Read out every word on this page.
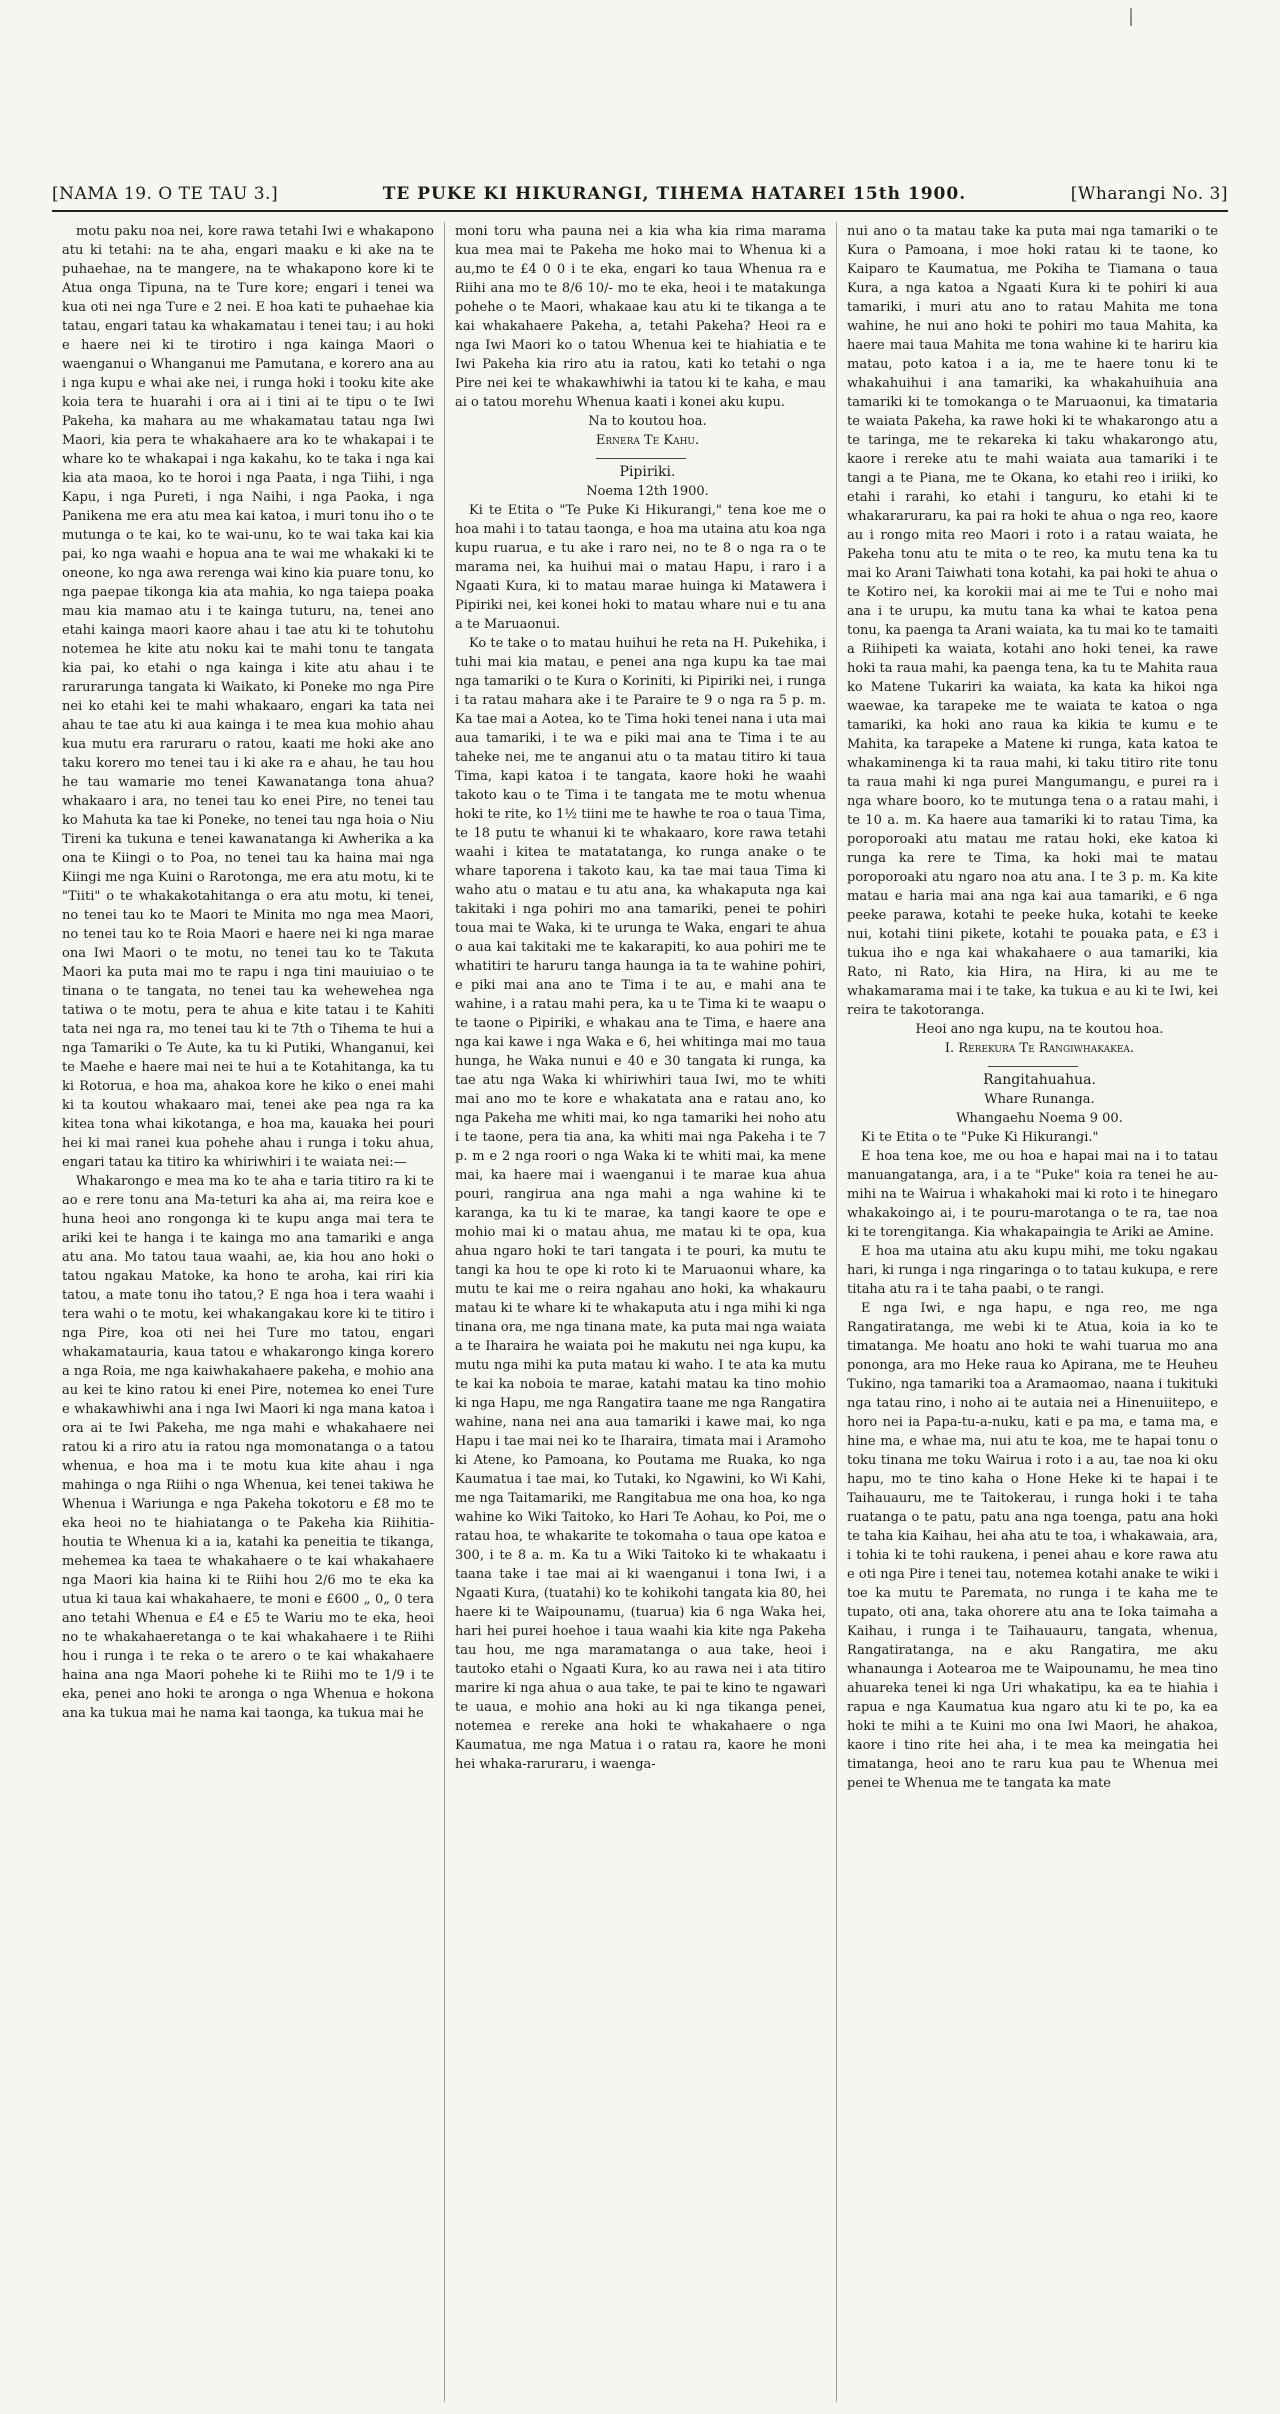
|
[NAMA 19. O TE TAU 3.]	TE PUKE KI HIKURANGI, TIHEMA HATAREI 15th 1900.	[Wharangi No. 3]

motu paku noa nei, kore rawa tetahi Iwi e whakapono atu ki tetahi: na te aha, engari maaku e ki ake na te puhaehae, na te mangere, na te whakapono kore ki te Atua onga Tipuna, na te Ture kore; engari i tenei wa kua oti nei nga Ture e 2 nei. E hoa kati te puhaehae kia tatau, engari tatau ka whakamatau i tenei tau; i au hoki e haere nei ki te tirotiro i nga kainga Maori o waenganui o Whanganui me Pamutana, e korero ana au i nga kupu e whai ake nei, i runga hoki i tooku kite ake koia tera te huarahi i ora ai i tini ai te tipu o te Iwi Pakeha, ka mahara au me whakamatau tatau nga Iwi Maori, kia pera te whakahaere ara ko te whakapai i te whare ko te whakapai i nga kakahu, ko te taka i nga kai kia ata maoa, ko te horoi i nga Paata, i nga Tiihi, i nga Kapu, i nga Pureti, i nga Naihi, i nga Paoka, i nga Panikena me era atu mea kai katoa, i muri tonu iho o te mutunga o te kai, ko te wai-unu, ko te wai taka kai kia pai, ko nga waahi e hopua ana te wai me whakaki ki te oneone, ko nga awa rerenga wai kino kia puare tonu, ko nga paepae tikonga kia ata mahia, ko nga taiepa poaka mau kia mamao atu i te kainga tuturu, na, tenei ano etahi kainga maori kaore ahau i tae atu ki te tohutohu notemea he kite atu noku kai te mahi tonu te tangata kia pai, ko etahi o nga kainga i kite atu ahau i te rarurarunga tangata ki Waikato, ki Poneke mo nga Pire nei ko etahi kei te mahi whakaaro, engari ka tata nei ahau te tae atu ki aua kainga i te mea kua mohio ahau kua mutu era raruraru o ratou, kaati me hoki ake ano taku korero mo tenei tau i ki ake ra e ahau, he tau hou he tau wamarie mo tenei Kawanatanga tona ahua? whakaaro i ara, no tenei tau ko enei Pire, no tenei tau ko Mahuta ka tae ki Poneke, no tenei tau nga hoia o Niu Tireni ka tukuna e tenei kawanatanga ki Awherika a ka ona te Kiingi o to Poa, no tenei tau ka haina mai nga Kiingi me nga Kuini o Rarotonga, me era atu motu, ki te "Tiiti" o te whakakotahitanga o era atu motu, ki tenei, no tenei tau ko te Maori te Minita mo nga mea Maori, no tenei tau ko te Roia Maori e haere nei ki nga marae ona Iwi Maori o te motu, no tenei tau ko te Takuta Maori ka puta mai mo te rapu i nga tini mauiuiao o te tinana o te tangata, no tenei tau ka wehewehea nga tatiwa o te motu, pera te ahua e kite tatau i te Kahiti tata nei nga ra, mo tenei tau ki te 7th o Tihema te hui a nga Tamariki o Te Aute, ka tu ki Putiki, Whanganui, kei te Maehe e haere mai nei te hui a te Kotahitanga, ka tu ki Rotorua, e hoa ma, ahakoa kore he kiko o enei mahi ki ta koutou whakaaro mai, tenei ake pea nga ra ka kitea tona whai kikotanga, e hoa ma, kauaka hei pouri hei ki mai ranei kua pohehe ahau i runga i toku ahua, engari tatau ka titiro ka whiriwhiri i te waiata nei:—

Whakarongo e mea ma ko te aha e taria titiro ra ki te ao e rere tonu ana Ma-teturi ka aha ai, ma reira koe e huna heoi ano rongonga ki te kupu anga mai tera te ariki kei te hanga i te kainga mo ana tamariki e anga atu ana. Mo tatou taua waahi, ae, kia hou ano hoki o tatou ngakau Matoke, ka hono te aroha, kai riri kia tatou, a mate tonu iho tatou,? E nga hoa i tera waahi i tera wahi o te motu, kei whakangakau kore ki te titiro i nga Pire, koa oti nei hei Ture mo tatou, engari whakamatauria, kaua tatou e whakarongo kinga korero a nga Roia, me nga kaiwhakahaere pakeha, e mohio ana au kei te kino ratou ki enei Pire, notemea ko enei Ture e whakawhiwhi ana i nga Iwi Maori ki nga mana katoa i ora ai te Iwi Pakeha, me nga mahi e whakahaere nei ratou ki a riro atu ia ratou nga momonatanga o a tatou whenua, e hoa ma i te motu kua kite ahau i nga mahinga o nga Riihi o nga Whenua, kei tenei takiwa he Whenua i Wariunga e nga Pakeha tokotoru e £8 mo te eka heoi no te hiahiatanga o te Pakeha kia Riihitia-houtia te Whenua ki a ia, katahi ka peneitia te tikanga, mehemea ka taea te whakahaere o te kai whakahaere nga Maori kia haina ki te Riihi hou 2/6 mo te eka ka utua ki taua kai whakahaere, te moni e £600 „ 0„ 0 tera ano tetahi Whenua e £4 e £5 te Wariu mo te eka, heoi no te whakahaeretanga o te kai whakahaere i te Riihi hou i runga i te reka o te arero o te kai whakahaere haina ana nga Maori pohehe ki te Riihi mo te 1/9 i te eka, penei ano hoki te aronga o nga Whenua e hokona ana ka tukua mai he nama kai taonga, ka tukua mai he

moni toru wha pauna nei a kia wha kia rima marama kua mea mai te Pakeha me hoko mai to Whenua ki a au,mo te £4 0 0 i te eka, engari ko taua Whenua ra e Riihi ana mo te 8/6 10/- mo te eka, heoi i te matakunga pohehe o te Maori, whakaae kau atu ki te tikanga a te kai whakahaere Pakeha, a, tetahi Pakeha? Heoi ra e nga Iwi Maori ko o tatou Whenua kei te hiahiatia e te Iwi Pakeha kia riro atu ia ratou, kati ko tetahi o nga Pire nei kei te whakawhiwhi ia tatou ki te kaha, e mau ai o tatou morehu Whenua kaati i konei aku kupu.

Na to koutou hoa.

Ernera Te Kahu.

Pipiriki.

Noema 12th 1900.

Ki te Etita o "Te Puke Ki Hikurangi," tena koe me o hoa mahi i to tatau taonga, e hoa ma utaina atu koa nga kupu ruarua, e tu ake i raro nei, no te 8 o nga ra o te marama nei, ka huihui mai o matau Hapu, i raro i a Ngaati Kura, ki to matau marae huinga ki Matawera i Pipiriki nei, kei konei hoki to matau whare nui e tu ana a te Maruaonui.

Ko te take o to matau huihui he reta na H. Pukehika, i tuhi mai kia matau, e penei ana nga kupu ka tae mai nga tamariki o te Kura o Koriniti, ki Pipiriki nei, i runga i ta ratau mahara ake i te Paraire te 9 o nga ra 5 p. m. Ka tae mai a Aotea, ko te Tima hoki tenei nana i uta mai aua tamariki, i te wa e piki mai ana te Tima i te au taheke nei, me te anganui atu o ta matau titiro ki taua Tima, kapi katoa i te tangata, kaore hoki he waahi takoto kau o te Tima i te tangata me te motu whenua hoki te rite, ko 1½ tiini me te hawhe te roa o taua Tima, te 18 putu te whanui ki te whakaaro, kore rawa tetahi waahi i kitea te matatatanga, ko runga anake o te whare taporena i takoto kau, ka tae mai taua Tima ki waho atu o matau e tu atu ana, ka whakaputa nga kai takitaki i nga pohiri mo ana tamariki, penei te pohiri toua mai te Waka, ki te urunga te Waka, engari te ahua o aua kai takitaki me te kakarapiti, ko aua pohiri me te whatitiri te haruru tanga haunga ia ta te wahine pohiri, e piki mai ana ano te Tima i te au, e mahi ana te wahine, i a ratau mahi pera, ka u te Tima ki te waapu o te taone o Pipiriki, e whakau ana te Tima, e haere ana nga kai kawe i nga Waka e 6, hei whitinga mai mo taua hunga, he Waka nunui e 40 e 30 tangata ki runga, ka tae atu nga Waka ki whiriwhiri taua Iwi, mo te whiti mai ano mo te kore e whakatata ana e ratau ano, ko nga Pakeha me whiti mai, ko nga tamariki hei noho atu i te taone, pera tia ana, ka whiti mai nga Pakeha i te 7 p. m e 2 nga roori o nga Waka ki te whiti mai, ka mene mai, ka haere mai i waenganui i te marae kua ahua pouri, rangirua ana nga mahi a nga wahine ki te karanga, ka tu ki te marae, ka tangi kaore te ope e mohio mai ki o matau ahua, me matau ki te opa, kua ahua ngaro hoki te tari tangata i te pouri, ka mutu te tangi ka hou te ope ki roto ki te Maruaonui whare, ka mutu te kai me o reira ngahau ano hoki, ka whakauru matau ki te whare ki te whakaputa atu i nga mihi ki nga tinana ora, me nga tinana mate, ka puta mai nga waiata a te Iharaira he waiata poi he makutu nei nga kupu, ka mutu nga mihi ka puta matau ki waho. I te ata ka mutu te kai ka noboia te marae, katahi matau ka tino mohio ki nga Hapu, me nga Rangatira taane me nga Rangatira wahine, nana nei ana aua tamariki i kawe mai, ko nga Hapu i tae mai nei ko te Iharaira, timata mai i Aramoho ki Atene, ko Pamoana, ko Poutama me Ruaka, ko nga Kaumatua i tae mai, ko Tutaki, ko Ngawini, ko Wi Kahi, me nga Taitamariki, me Rangitabua me ona hoa, ko nga wahine ko Wiki Taitoko, ko Hari Te Aohau, ko Poi, me o ratau hoa, te whakarite te tokomaha o taua ope katoa e 300, i te 8 a. m. Ka tu a Wiki Taitoko ki te whakaatu i taana take i tae mai ai ki waenganui i tona Iwi, i a Ngaati Kura, (tuatahi) ko te kohikohi tangata kia 80, hei haere ki te Waipounamu, (tuarua) kia 6 nga Waka hei, hari hei purei hoehoe i taua waahi kia kite nga Pakeha tau hou, me nga maramatanga o aua take, heoi i tautoko etahi o Ngaati Kura, ko au rawa nei i ata titiro marire ki nga ahua o aua take, te pai te kino te ngawari te uaua, e mohio ana hoki au ki nga tikanga penei, notemea e rereke ana hoki te whakahaere o nga Kaumatua, me nga Matua i o ratau ra, kaore he moni hei whaka-raruraru, i waenga-

nui ano o ta matau take ka puta mai nga tamariki o te Kura o Pamoana, i moe hoki ratau ki te taone, ko Kaiparo te Kaumatua, me Pokiha te Tiamana o taua Kura, a nga katoa a Ngaati Kura ki te pohiri ki aua tamariki, i muri atu ano to ratau Mahita me tona wahine, he nui ano hoki te pohiri mo taua Mahita, ka haere mai taua Mahita me tona wahine ki te hariru kia matau, poto katoa i a ia, me te haere tonu ki te whakahuihui i ana tamariki, ka whakahuihuia ana tamariki ki te tomokanga o te Maruaonui, ka timataria te waiata Pakeha, ka rawe hoki ki te whakarongo atu a te taringa, me te rekareka ki taku whakarongo atu, kaore i rereke atu te mahi waiata aua tamariki i te tangi a te Piana, me te Okana, ko etahi reo i iriiki, ko etahi i rarahi, ko etahi i tanguru, ko etahi ki te whakararuraru, ka pai ra hoki te ahua o nga reo, kaore au i rongo mita reo Maori i roto i a ratau waiata, he Pakeha tonu atu te mita o te reo, ka mutu tena ka tu mai ko Arani Taiwhati tona kotahi, ka pai hoki te ahua o te Kotiro nei, ka korokii mai ai me te Tui e noho mai ana i te urupu, ka mutu tana ka whai te katoa pena tonu, ka paenga ta Arani waiata, ka tu mai ko te tamaiti a Riihipeti ka waiata, kotahi ano hoki tenei, ka rawe hoki ta raua mahi, ka paenga tena, ka tu te Mahita raua ko Matene Tukariri ka waiata, ka kata ka hikoi nga waewae, ka tarapeke me te waiata te katoa o nga tamariki, ka hoki ano raua ka kikia te kumu e te Mahita, ka tarapeke a Matene ki runga, kata katoa te whakaminenga ki ta raua mahi, ki taku titiro rite tonu ta raua mahi ki nga purei Mangumangu, e purei ra i nga whare booro, ko te mutunga tena o a ratau mahi, i te 10 a. m. Ka haere aua tamariki ki to ratau Tima, ka poroporoaki atu matau me ratau hoki, eke katoa ki runga ka rere te Tima, ka hoki mai te matau poroporoaki atu ngaro noa atu ana. I te 3 p. m. Ka kite matau e haria mai ana nga kai aua tamariki, e 6 nga peeke parawa, kotahi te peeke huka, kotahi te keeke nui, kotahi tiini pikete, kotahi te pouaka pata, e £3 i tukua iho e nga kai whakahaere o aua tamariki, kia Rato, ni Rato, kia Hira, na Hira, ki au me te whakamarama mai i te take, ka tukua e au ki te Iwi, kei reira te takotoranga.

Heoi ano nga kupu, na te koutou hoa.

I. Rerekura Te Rangiwhakakea.

Rangitahuahua.

Whare Runanga.

Whangaehu Noema 9 00.

Ki te Etita o te "Puke Ki Hikurangi."

E hoa tena koe, me ou hoa e hapai mai na i to tatau manuangatanga, ara, i a te "Puke" koia ra tenei he au-mihi na te Wairua i whakahoki mai ki roto i te hinegaro whakakoingo ai, i te pouru-marotanga o te ra, tae noa ki te torengitanga. Kia whakapaingia te Ariki ae Amine.

E hoa ma utaina atu aku kupu mihi, me toku ngakau hari, ki runga i nga ringaringa o to tatau kukupa, e rere titaha atu ra i te taha paabi, o te rangi.

E nga Iwi, e nga hapu, e nga reo, me nga Rangatiratanga, me webi ki te Atua, koia ia ko te timatanga. Me hoatu ano hoki te wahi tuarua mo ana pononga, ara mo Heke raua ko Apirana, me te Heuheu Tukino, nga tamariki toa a Aramaomao, naana i tukituki nga tatau rino, i noho ai te autaia nei a Hinenuiitepo, e horo nei ia Papa-tu-a-nuku, kati e pa ma, e tama ma, e hine ma, e whae ma, nui atu te koa, me te hapai tonu o toku tinana me toku Wairua i roto i a au, tae noa ki oku hapu, mo te tino kaha o Hone Heke ki te hapai i te Taihauauru, me te Taitokerau, i runga hoki i te taha ruatanga o te patu, patu ana nga toenga, patu ana hoki te taha kia Kaihau, hei aha atu te toa, i whakawaia, ara, i tohia ki te tohi raukena, i penei ahau e kore rawa atu e oti nga Pire i tenei tau, notemea kotahi anake te wiki i toe ka mutu te Paremata, no runga i te kaha me te tupato, oti ana, taka ohorere atu ana te Ioka taimaha a Kaihau, i runga i te Taihauauru, tangata, whenua, Rangatiratanga, na e aku Rangatira, me aku whanaunga i Aotearoa me te Waipounamu, he mea tino ahuareka tenei ki nga Uri whakatipu, ka ea te hiahia i rapua e nga Kaumatua kua ngaro atu ki te po, ka ea hoki te mihi a te Kuini mo ona Iwi Maori, he ahakoa, kaore i tino rite hei aha, i te mea ka meingatia hei timatanga, heoi ano te raru kua pau te Whenua mei penei te Whenua me te tangata ka mate
